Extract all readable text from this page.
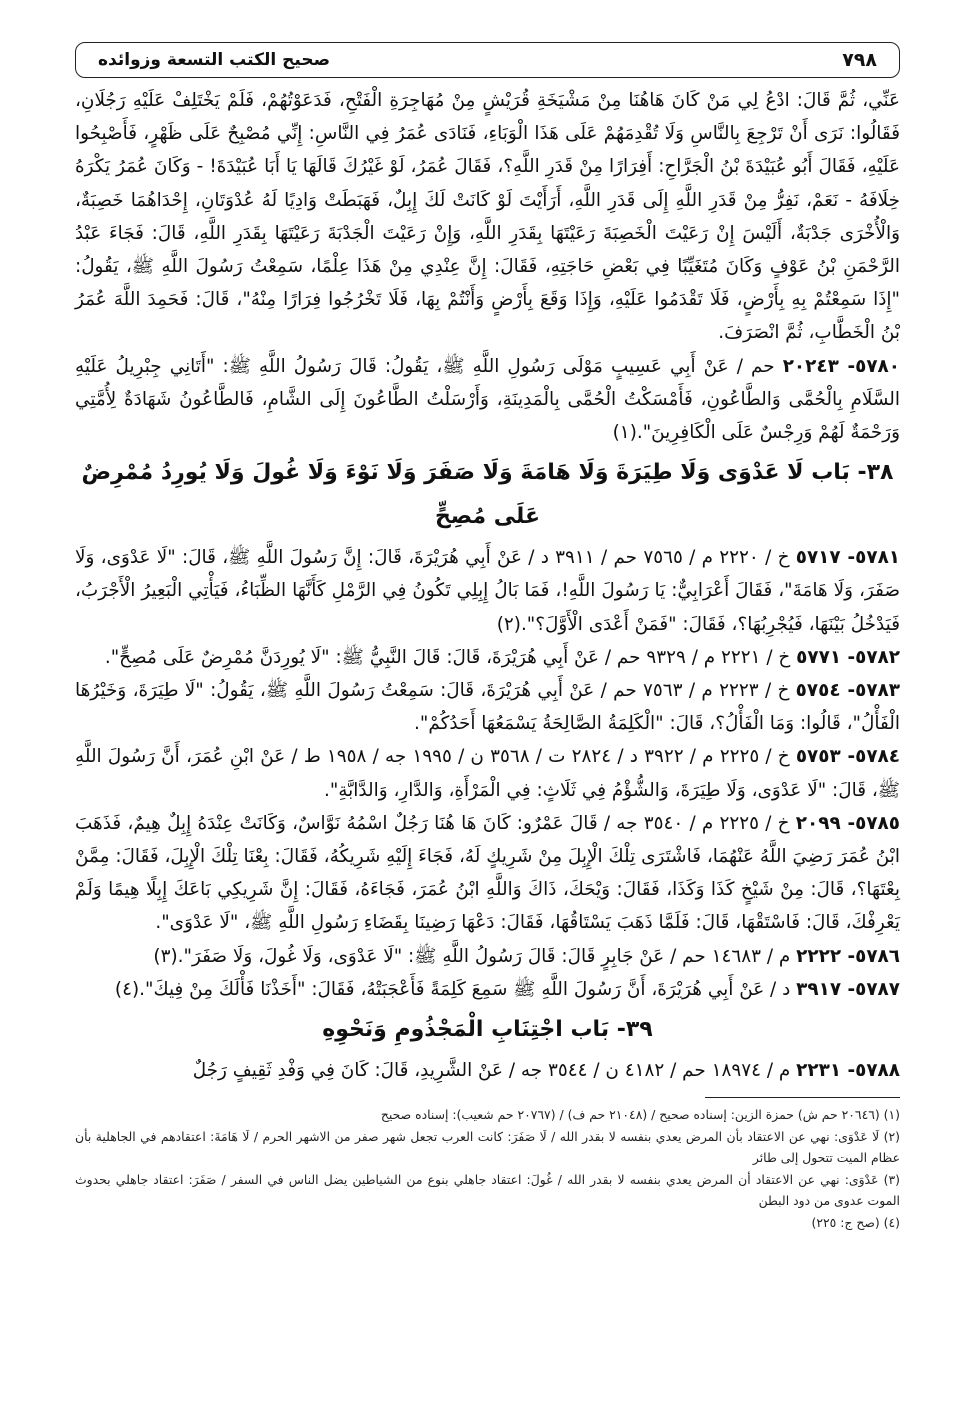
٧٩٨
صحيح الكتب التسعة وزوائده

عَنِّي، ثُمَّ قَالَ: ادْعُ لِي مَنْ كَانَ هَاهُنَا مِنْ مَشْيَخَةِ قُرَيْشٍ مِنْ مُهَاجِرَةِ الْفَتْحِ، فَدَعَوْتُهُمْ، فَلَمْ يَخْتَلِفْ عَلَيْهِ رَجُلَانِ، فَقَالُوا: نَرَى أَنْ تَرْجِعَ بِالنَّاسِ وَلَا تُقْدِمَهُمْ عَلَى هَذَا الْوَبَاءِ، فَنَادَى عُمَرُ فِي النَّاسِ: إِنِّي مُصْبِحٌ عَلَى ظَهْرٍ، فَأَصْبِحُوا عَلَيْهِ، فَقَالَ أَبُو عُبَيْدَةَ بْنُ الْجَرَّاحِ: أَفِرَارًا مِنْ قَدَرِ اللَّهِ؟، فَقَالَ عُمَرُ، لَوْ غَيْرُكَ قَالَهَا يَا أَبَا عُبَيْدَةَ! - وَكَانَ عُمَرُ يَكْرَهُ خِلَافَهُ - نَعَمْ، نَفِرُّ مِنْ قَدَرِ اللَّهِ إِلَى قَدَرِ اللَّهِ، أَرَأَيْتَ لَوْ كَانَتْ لَكَ إِبِلٌ، فَهَبَطَتْ وَادِيًا لَهُ عُدْوَتَانِ، إِحْدَاهُمَا خَصِبَةٌ، وَالْأُخْرَى جَدْبَةٌ، أَلَيْسَ إِنْ رَعَيْتَ الْخَصِبَةَ رَعَيْتَهَا بِقَدَرِ اللَّهِ، وَإِنْ رَعَيْتَ الْجَدْبَةَ رَعَيْتَهَا بِقَدَرِ اللَّهِ، قَالَ: فَجَاءَ عَبْدُ الرَّحْمَنِ بْنُ عَوْفٍ وَكَانَ مُتَغَيِّبًا فِي بَعْضِ حَاجَتِهِ، فَقَالَ: إِنَّ عِنْدِي مِنْ هَذَا عِلْمًا، سَمِعْتُ رَسُولَ اللَّهِ ﷺ، يَقُولُ: "إِذَا سَمِعْتُمْ بِهِ بِأَرْضٍ، فَلَا تَقْدَمُوا عَلَيْهِ، وَإِذَا وَقَعَ بِأَرْضٍ وَأَنْتُمْ بِهَا، فَلَا تَخْرُجُوا فِرَارًا مِنْهُ"، قَالَ: فَحَمِدَ اللَّهَ عُمَرُ بْنُ الْخَطَّابِ، ثُمَّ انْصَرَفَ.

٥٧٨٠- ٢٠٢٤٣ حم / عَنْ أَبِي عَسِيبٍ مَوْلَى رَسُولِ اللَّهِ ﷺ، يَقُولُ: قَالَ رَسُولُ اللَّهِ ﷺ: "أَتَانِي جِبْرِيلُ عَلَيْهِ السَّلَامِ بِالْحُمَّى وَالطَّاعُونِ، فَأَمْسَكْتُ الْحُمَّى بِالْمَدِينَةِ، وَأَرْسَلْتُ الطَّاعُونَ إِلَى الشَّامِ، فَالطَّاعُونُ شَهَادَةٌ لِأُمَّتِي وَرَحْمَةٌ لَهُمْ وَرِجْسٌ عَلَى الْكَافِرِينَ".(١)

٣٨- بَاب لَا عَدْوَى وَلَا طِيَرَةَ وَلَا هَامَةَ وَلَا صَفَرَ وَلَا نَوْءَ وَلَا غُولَ وَلَا يُورِدُ مُمْرِضٌ عَلَى مُصِحٍّ

٥٧٨١- ٥٧١٧ خ / ٢٢٢٠ م / ٧٥٦٥ حم / ٣٩١١ د / عَنْ أَبِي هُرَيْرَةَ، قَالَ: إِنَّ رَسُولَ اللَّهِ ﷺ، قَالَ: "لَا عَدْوَى، وَلَا صَفَرَ، وَلَا هَامَةَ"، فَقَالَ أَعْرَابِيٌّ: يَا رَسُولَ اللَّهِ!، فَمَا بَالُ إِبِلِي تَكُونُ فِي الرَّمْلِ كَأَنَّهَا الظِّبَاءُ، فَيَأْتِي الْبَعِيرُ الْأَجْرَبُ، فَيَدْخُلُ بَيْنَهَا، فَيُجْرِبُهَا؟، فَقَالَ: "فَمَنْ أَعْدَى الْأَوَّلَ؟".(٢)

٥٧٨٢- ٥٧٧١ خ / ٢٢٢١ م / ٩٣٢٩ حم / عَنْ أَبِي هُرَيْرَةَ، قَالَ: قَالَ النَّبِيُّ ﷺ: "لَا يُورِدَنَّ مُمْرِضٌ عَلَى مُصِحٍّ".

٥٧٨٣- ٥٧٥٤ خ / ٢٢٢٣ م / ٧٥٦٣ حم / عَنْ أَبِي هُرَيْرَةَ، قَالَ: سَمِعْتُ رَسُولَ اللَّهِ ﷺ، يَقُولُ: "لَا طِيَرَةَ، وَخَيْرُهَا الْفَأْلُ"، قَالُوا: وَمَا الْفَأْلُ؟، قَالَ: "الْكَلِمَةُ الصَّالِحَةُ يَسْمَعُهَا أَحَدُكُمْ".

٥٧٨٤- ٥٧٥٣ خ / ٢٢٢٥ م / ٣٩٢٢ د / ٢٨٢٤ ت / ٣٥٦٨ ن / ١٩٩٥ جه / ١٩٥٨ ط / عَنْ ابْنِ عُمَرَ، أَنَّ رَسُولَ اللَّهِ ﷺ، قَالَ: "لَا عَدْوَى، وَلَا طِيَرَةَ، وَالشُّؤْمُ فِي ثَلَاثٍ: فِي الْمَرْأَةِ، وَالدَّارِ، وَالدَّابَّةِ".

٥٧٨٥- ٢٠٩٩ خ / ٢٢٢٥ م / ٣٥٤٠ جه / قَالَ عَمْرٌو: كَانَ هَا هُنَا رَجُلٌ اسْمُهُ نَوَّاسٌ، وَكَانَتْ عِنْدَهُ إِبِلٌ هِيمٌ، فَذَهَبَ ابْنُ عُمَرَ رَضِيَ اللَّهُ عَنْهُمَا، فَاشْتَرَى تِلْكَ الْإِبِلَ مِنْ شَرِيكٍ لَهُ، فَجَاءَ إِلَيْهِ شَرِيكُهُ، فَقَالَ: بِعْنَا تِلْكَ الْإِبِلَ، فَقَالَ: مِمَّنْ بِعْتَهَا؟، قَالَ: مِنْ شَيْخٍ كَذَا وَكَذَا، فَقَالَ: وَيْحَكَ، ذَاكَ وَاللَّهِ ابْنُ عُمَرَ، فَجَاءَهُ، فَقَالَ: إِنَّ شَرِيكِي بَاعَكَ إِبِلًا هِيمًا وَلَمْ يَعْرِفْكَ، قَالَ: فَاسْتَقْهَا، قَالَ: فَلَمَّا ذَهَبَ يَسْتَاقُهَا، فَقَالَ: دَعْهَا رَضِينَا بِقَضَاءِ رَسُولِ اللَّهِ ﷺ، "لَا عَدْوَى".

٥٧٨٦- ٢٢٢٢ م / ١٤٦٨٣ حم / عَنْ جَابِرٍ قَالَ: قَالَ رَسُولُ اللَّهِ ﷺ: "لَا عَدْوَى، وَلَا غُولَ، وَلَا صَفَرَ".(٣)

٥٧٨٧- ٣٩١٧ د / عَنْ أَبِي هُرَيْرَةَ، أَنَّ رَسُولَ اللَّهِ ﷺ سَمِعَ كَلِمَةً فَأَعْجَبَتْهُ، فَقَالَ: "أَخَذْنَا فَأْلَكَ مِنْ فِيكَ".(٤)

٣٩- بَاب اجْتِنَابِ الْمَجْذُومِ وَنَحْوِهِ

٥٧٨٨- ٢٢٣١ م / ١٨٩٧٤ حم / ٤١٨٢ ن / ٣٥٤٤ جه / عَنْ الشَّرِيدِ، قَالَ: كَانَ فِي وَفْدِ ثَقِيفٍ رَجُلٌ

(١) (٢٠٦٤٦ حم ش) حمزة الزين: إسناده صحيح / (٢١٠٤٨ حم ف) / (٢٠٧٦٧ حم شعيب): إسناده صحيح

(٢) لَا عَدْوَى: نهي عن الاعتقاد بأن المرض يعدي بنفسه لا بقدر الله / لَا صَفَرَ: كانت العرب تجعل شهر صفر من الاشهر الحرم / لَا هَامَةَ: اعتقادهم في الجاهلية بأن عظام الميت تتحول إلى طائر

(٣) عَدْوَى: نهي عن الاعتقاد أن المرض يعدي بنفسه لا بقدر الله / غُولَ: اعتقاد جاهلي بنوع من الشياطين يضل الناس في السفر / صَفَرَ: اعتقاد جاهلي بحدوث الموت عدوى من دود البطن

(٤) (صح ج: ٢٢٥)
